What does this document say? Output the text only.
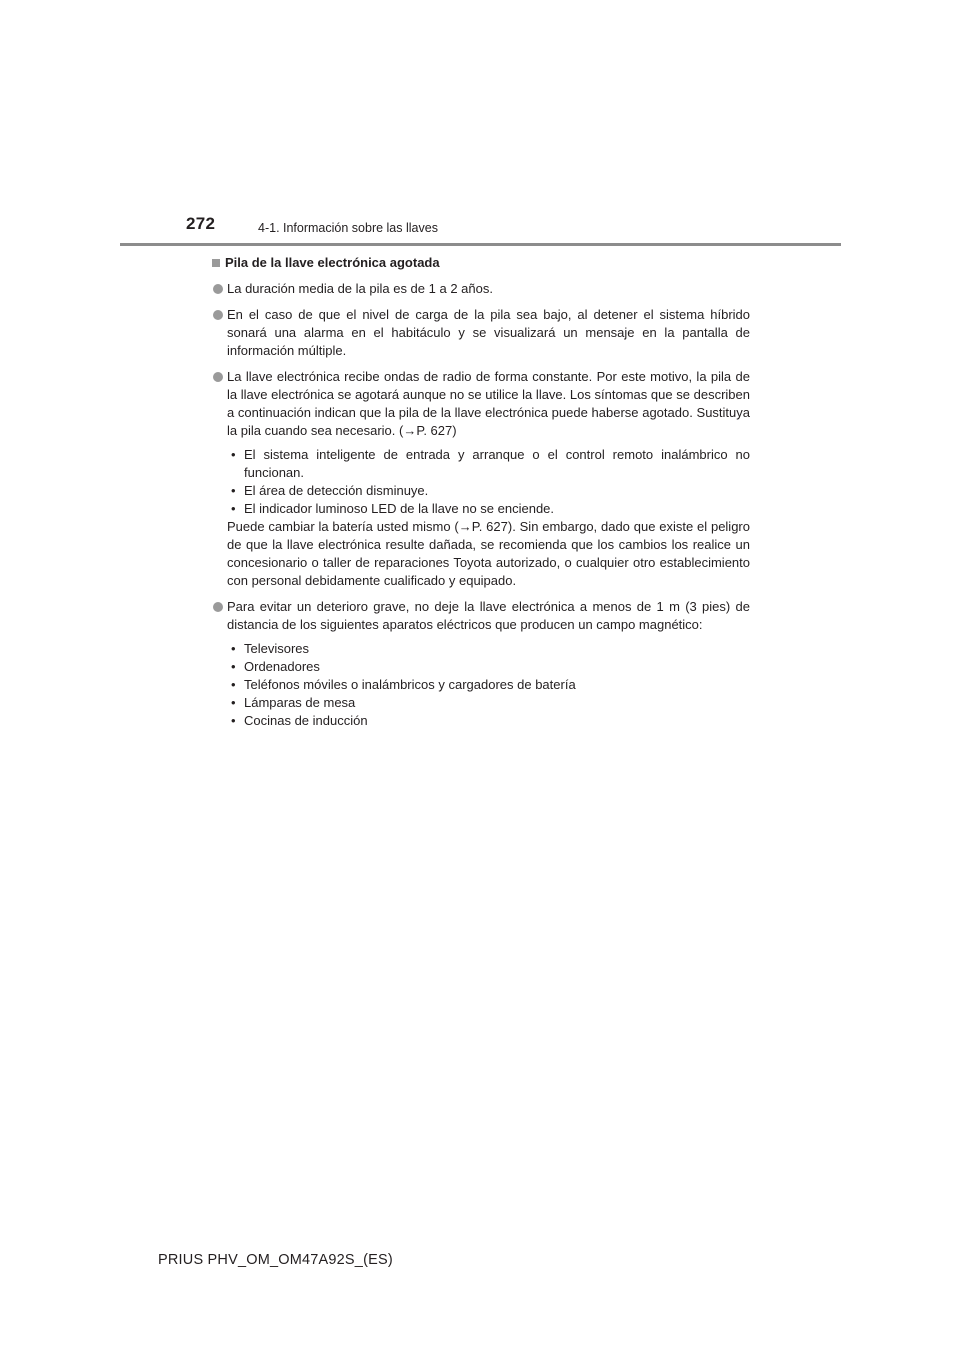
272	4-1. Información sobre las llaves
Pila de la llave electrónica agotada

La duración media de la pila es de 1 a 2 años.

En el caso de que el nivel de carga de la pila sea bajo, al detener el sistema híbrido sonará una alarma en el habitáculo y se visualizará un mensaje en la pantalla de información múltiple.

La llave electrónica recibe ondas de radio de forma constante. Por este motivo, la pila de la llave electrónica se agotará aunque no se utilice la llave. Los síntomas que se describen a continuación indican que la pila de la llave electrónica puede haberse agotado. Sustituya la pila cuando sea necesario. (→P. 627)

• El sistema inteligente de entrada y arranque o el control remoto inalámbrico no funcionan.
• El área de detección disminuye.
• El indicador luminoso LED de la llave no se enciende.

Puede cambiar la batería usted mismo (→P. 627). Sin embargo, dado que existe el peligro de que la llave electrónica resulte dañada, se recomienda que los cambios los realice un concesionario o taller de reparaciones Toyota autorizado, o cualquier otro establecimiento con personal debidamente cualificado y equipado.

Para evitar un deterioro grave, no deje la llave electrónica a menos de 1 m (3 pies) de distancia de los siguientes aparatos eléctricos que producen un campo magnético:

• Televisores
• Ordenadores
• Teléfonos móviles o inalámbricos y cargadores de batería
• Lámparas de mesa
• Cocinas de inducción
PRIUS PHV_OM_OM47A92S_(ES)
